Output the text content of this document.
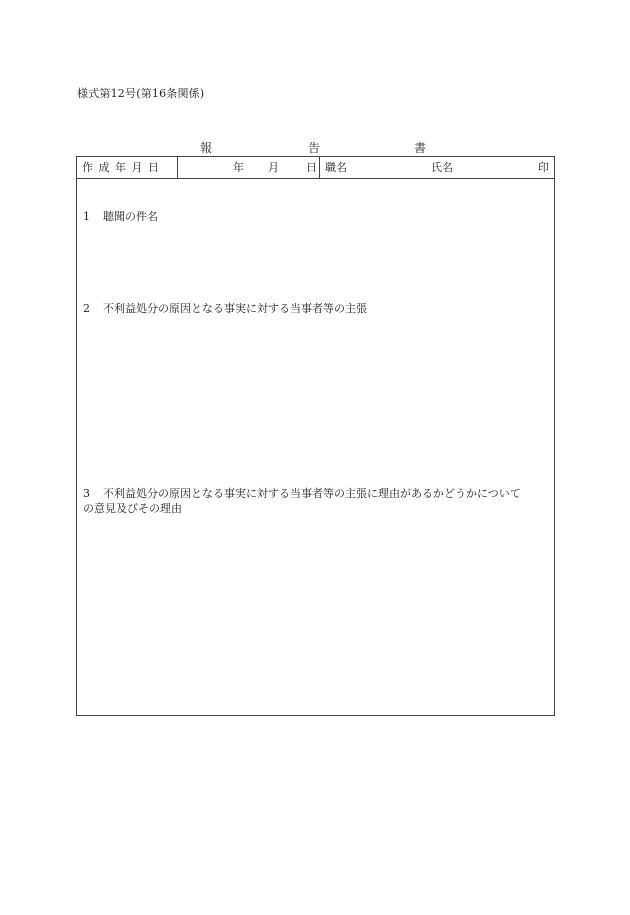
様式第12号(第16条関係)
報	告	書
作成年月日	年 月 日 職名	氏名	印
1 聴聞の件名
2 不利益処分の原因となる事実に対する当事者等の主張
3 不利益処分の原因となる事実に対する当事者等の主張に理由があるかどうかについて
の意見及びその理由
